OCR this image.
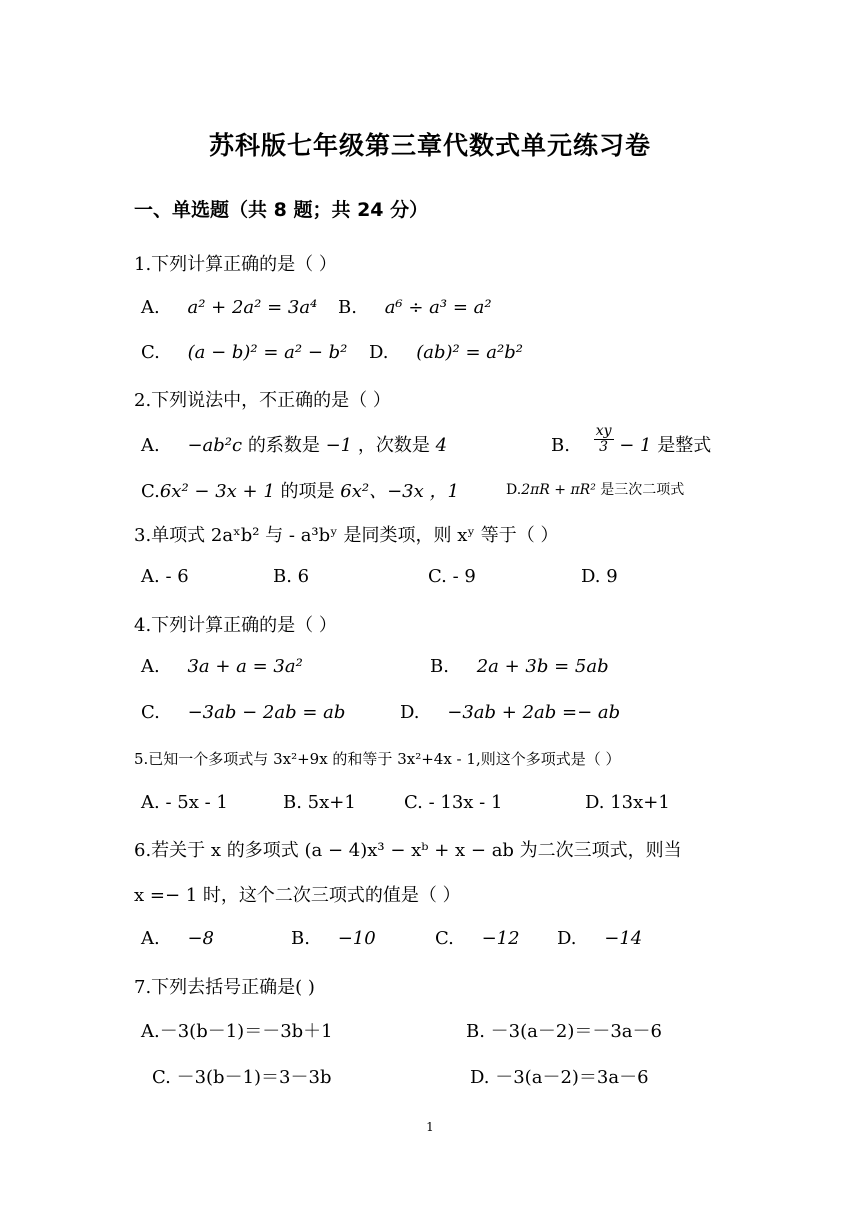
苏科版七年级第三章代数式单元练习卷
一、单选题（共 8 题；共 24 分）
1.下列计算正确的是（ ）
A. a² + 2a² = 3a⁴ B. a⁶ ÷ a³ = a²
C. (a − b)² = a² − b² D. (ab)² = a²b²
2.下列说法中，不正确的是（ ）
A. −ab²c 的系数是 −1 ，次数是 4	B. $\frac{xy}{3} - 1$ 是整式
C.6x² − 3x + 1 的项是 6x²、−3x ，1	D.2πR + πR² 是三次二项式
3.单项式 2aˣb² 与 - a³bʸ 是同类项，则 xʸ 等于（ ）
A. - 6	B. 6	C. - 9	D. 9
4.下列计算正确的是（ ）
A. 3a + a = 3a²	B. 2a + 3b = 5ab
C. −3ab − 2ab = ab	D. −3ab + 2ab =− ab
5.已知一个多项式与 3x²+9x 的和等于 3x²+4x - 1,则这个多项式是（ ）
A. - 5x - 1	B. 5x+1	C. - 13x - 1	D. 13x+1
6.若关于 x 的多项式 (a − 4)x³ − xᵇ + x − ab 为二次三项式，则当
x =− 1 时，这个二次三项式的值是（ ）
A. −8	B. −10	C. −12 D. −14
7.下列去括号正确是( )
A.－3(b－1)＝－3b＋1	B. －3(a－2)＝－3a－6
C. －3(b－1)＝3－3b	D. －3(a－2)＝3a－6
1
